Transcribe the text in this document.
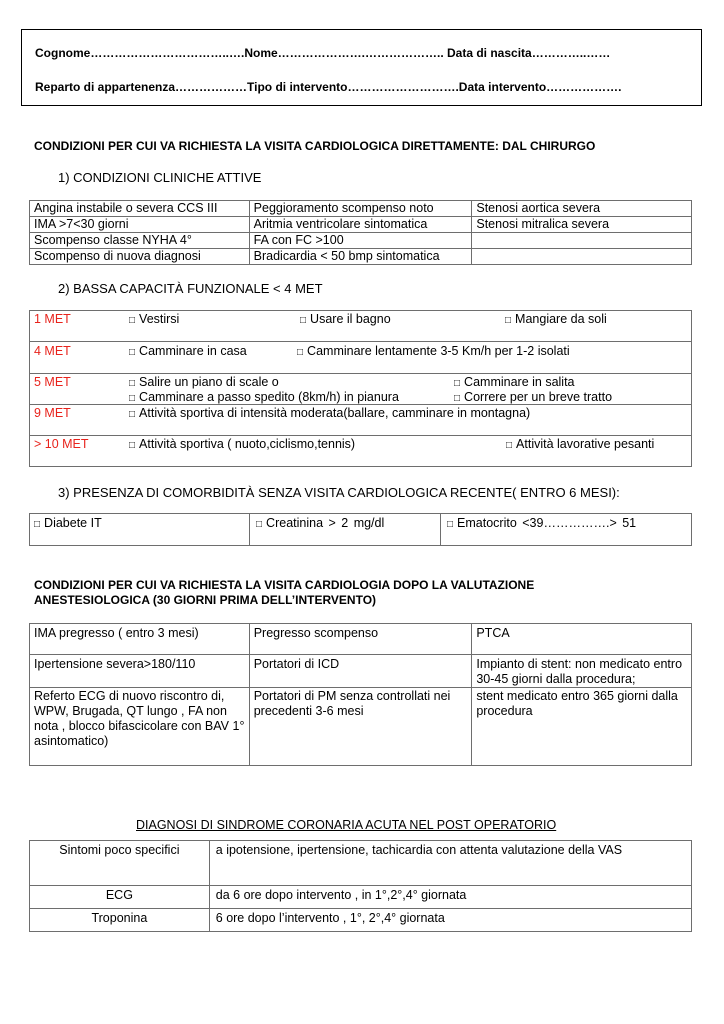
Cognome……………………………..….Nome………………….……………….. Data di nascita…………..……
Reparto di appartenenza………………Tipo di intervento……………………….Data intervento……………….
CONDIZIONI PER CUI VA RICHIESTA LA VISITA CARDIOLOGICA DIRETTAMENTE: DAL CHIRURGO
1) CONDIZIONI CLINICHE ATTIVE
Angina instabile o severa CCS III	Peggioramento scompenso noto	Stenosi aortica severa
IMA >7<30 giorni	Aritmia ventricolare sintomatica	Stenosi mitralica severa
Scompenso classe NYHA 4°	FA con FC >100	
Scompenso di nuova diagnosi	Bradicardia < 50 bmp sintomatica	
2) BASSA CAPACITÀ FUNZIONALE < 4 MET
1 MET	□ Vestirsi	□ Usare il bagno	□ Mangiare da soli
4 MET	□ Camminare in casa	□ Camminare lentamente 3-5 Km/h per 1-2 isolati
5 MET	□ Salire un piano di scale o	□ Camminare in salita
□ Camminare a passo spedito (8km/h) in pianura	□ Correre per un breve tratto
9 MET	□ Attività sportiva di intensità moderata(ballare, camminare in montagna)
> 10 MET	□ Attività sportiva ( nuoto,ciclismo,tennis)	□ Attività lavorative pesanti
3) PRESENZA DI COMORBIDITÀ SENZA VISITA CARDIOLOGICA RECENTE( ENTRO 6 MESI):
□ Diabete IT	□ Creatinina > 2 mg/dl	□ Ematocrito <39…………….> 51
CONDIZIONI PER CUI VA RICHIESTA LA VISITA CARDIOLOGIA DOPO LA VALUTAZIONE
ANESTESIOLOGICA (30 GIORNI PRIMA DELL’INTERVENTO)
IMA pregresso ( entro 3 mesi)	Pregresso scompenso	PTCA
Ipertensione severa>180/110	Portatori di ICD	Impianto di stent: non medicato entro 30-45 giorni dalla procedura;
Referto ECG di nuovo riscontro di, WPW, Brugada, QT lungo , FA non nota , blocco bifascicolare con BAV 1° asintomatico)	Portatori di PM senza controllati nei precedenti 3-6 mesi	stent medicato entro 365 giorni dalla procedura
DIAGNOSI DI SINDROME CORONARIA ACUTA NEL POST OPERATORIO
Sintomi poco specifici	a ipotensione, ipertensione, tachicardia con attenta valutazione della VAS
ECG	da 6 ore dopo intervento , in 1°,2°,4° giornata
Troponina	6 ore dopo l’intervento , 1°, 2°,4° giornata
